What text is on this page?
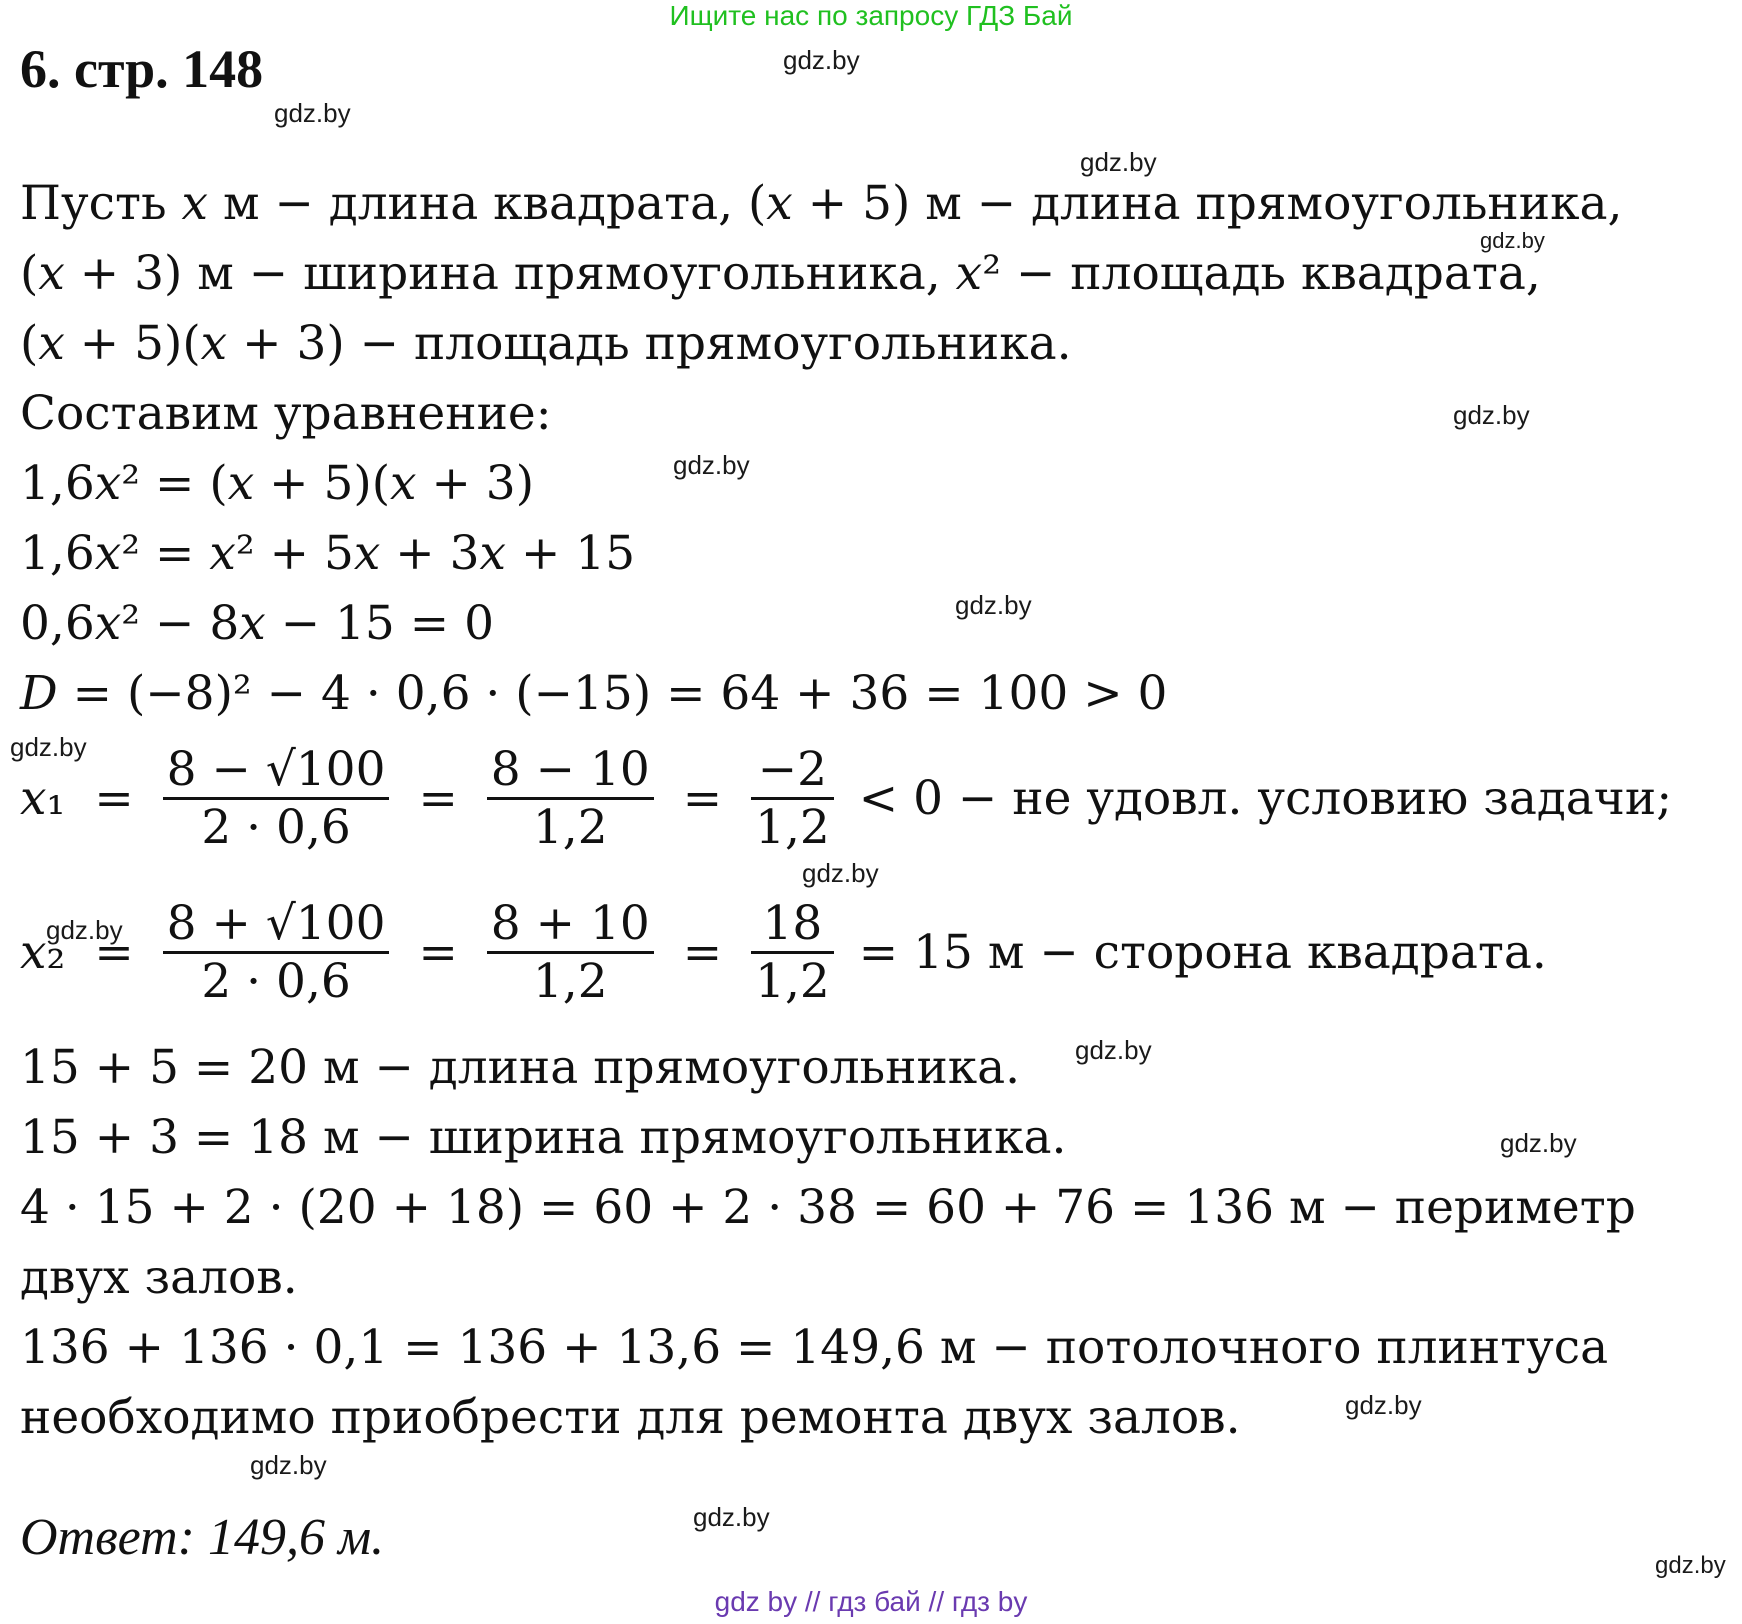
Ищите нас по запросу ГДЗ Бай
6. стр. 148	gdz.by
gdz.by
gdz.by
gdz.by
gdz.by
gdz.by
gdz.by
gdz.by
gdz.by
gdz.by
gdz.by
gdz.by
gdz.by
gdz.by
gdz.by
gdz.by
Пусть 𝑥 м − длина квадрата, (𝑥 + 5) м − длина прямоугольника,
(𝑥 + 3) м − ширина прямоугольника, 𝑥² − площадь квадрата,
(𝑥 + 5)(𝑥 + 3) − площадь прямоугольника.
Составим уравнение:
1,6𝑥² = (𝑥 + 5)(𝑥 + 3)
1,6𝑥² = 𝑥² + 5𝑥 + 3𝑥 + 15
0,6𝑥² − 8𝑥 − 15 = 0
𝐷 = (−8)² − 4 · 0,6 · (−15) = 64 + 36 = 100 > 0
𝑥₁ = $\frac{8 - √100}{2 \cdot 0,6} = \frac{8 - 10}{1,2} = \frac{-2}{1,2} < 0$ − не удовл. условию задачи;
𝑥₂ = $\frac{8 + √100}{2 \cdot 0,6} = \frac{8 + 10}{1,2} = \frac{18}{1,2} = 15$ м − сторона квадрата.
15 + 5 = 20 м − длина прямоугольника.
15 + 3 = 18 м − ширина прямоугольника.
4 · 15 + 2 · (20 + 18) = 60 + 2 · 38 = 60 + 76 = 136 м − периметр
двух залов.
136 + 136 · 0,1 = 136 + 13,6 = 149,6 м − потолочного плинтуса
необходимо приобрести для ремонта двух залов.
Ответ: 149,6 м.
gdz by // гдз бай // гдз by
